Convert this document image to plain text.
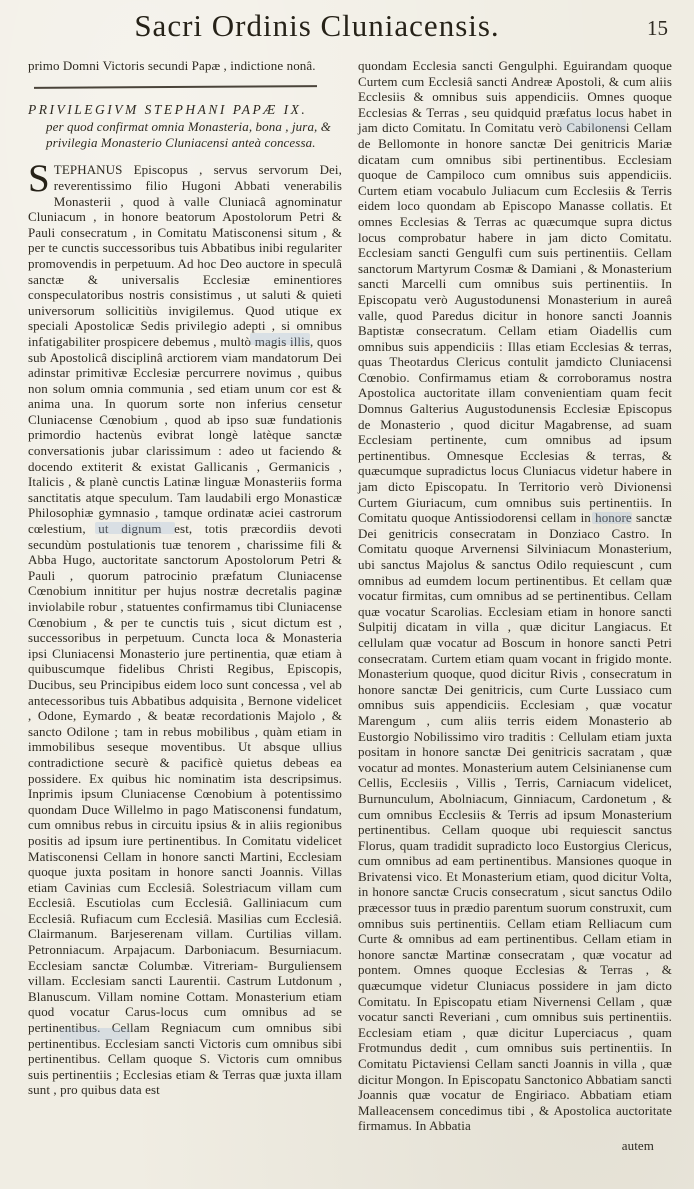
Sacri Ordinis Cluniacensis.	15

primo Domni Victoris secundi Papæ , indictione nonâ.

PRIVILEGIVM STEPHANI PAPÆ IX.

per quod confirmat omnia Monasteria, bona , jura, & privilegia Monasterio Cluniacensi anteà concessa.

STEPHANUS Episcopus , servus servorum Dei, reverentissimo filio Hugoni Abbati venerabilis Monasterii , quod à valle Cluniacâ agnominatur Cluniacum , in honore beatorum Apostolorum Petri & Pauli consecratum , in Comitatu Matisconensi situm , & per te cunctis successoribus tuis Abbatibus inibi regulariter promovendis in perpetuum. Ad hoc Deo auctore in speculâ sanctæ & universalis Ecclesiæ eminentiores conspeculatoribus nostris consistimus , ut saluti & quieti universorum sollicitiùs invigilemus. Quod utique ex speciali Apostolicæ Sedis privilegio adepti , si omnibus infatigabiliter prospicere debemus , multò magis illis, quos sub Apostolicâ disciplinâ arctiorem viam mandatorum Dei adinstar primitivæ Ecclesiæ percurrere novimus , quibus non solum omnia communia , sed etiam unum cor est & anima una. In quorum sorte non inferius censetur Cluniacense Cœnobium , quod ab ipso suæ fundationis primordio hactenùs evibrat longè latèque sanctæ conversationis jubar clarissimum : adeo ut faciendo & docendo extiterit & existat Gallicanis , Germanicis , Italicis , & planè cunctis Latinæ linguæ Monasteriis forma sanctitatis atque speculum. Tam laudabili ergo Monasticæ Philosophiæ gymnasio , tamque ordinatæ aciei castrorum cœlestium, ut dignum est, totis præcordiis devoti secundùm postulationis tuæ tenorem , charissime fili & Abba Hugo, auctoritate sanctorum Apostolorum Petri & Pauli , quorum patrocinio præfatum Cluniacense Cœnobium innititur per hujus nostræ decretalis paginæ inviolabile robur , statuentes confirmamus tibi Cluniacense Cœnobium , & per te cunctis tuis , sicut dictum est , successoribus in perpetuum. Cuncta loca & Monasteria ipsi Cluniacensi Monasterio jure pertinentia, quæ etiam à quibuscumque fidelibus Christi Regibus, Episcopis, Ducibus, seu Principibus eidem loco sunt concessa , vel ab antecessoribus tuis Abbatibus adquisita , Bernone videlicet , Odone, Eymardo , & beatæ recordationis Majolo , & sancto Odilone ; tam in rebus mobilibus , quàm etiam in immobilibus seseque moventibus. Ut absque ullius contradictione securè & pacificè quietus debeas ea possidere. Ex quibus hic nominatim ista descripsimus. Inprimis ipsum Cluniacense Cœnobium à potentissimo quondam Duce Willelmo in pago Matisconensi fundatum, cum omnibus rebus in circuitu ipsius & in aliis regionibus positis ad ipsum iure pertinentibus. In Comitatu videlicet Matisconensi Cellam in honore sancti Martini, Ecclesiam quoque juxta positam in honore sancti Joannis. Villas etiam Cavinias cum Ecclesiâ. Solestriacum villam cum Ecclesiâ. Escutiolas cum Ecclesiâ. Galliniacum cum Ecclesiâ. Rufiacum cum Ecclesiâ. Masilias cum Ecclesiâ. Clairmanum. Barjeserenam villam. Curtilias villam. Petronniacum. Arpajacum. Darboniacum. Besurniacum. Ecclesiam sanctæ Columbæ. Vitreriam- Burguliensem villam. Ecclesiam sancti Laurentii. Castrum Lutdonum , Blanuscum. Villam nomine Cottam. Monasterium etiam quod vocatur Carus-locus cum omnibus ad se pertinentibus. Cellam Regniacum cum omnibus sibi pertinentibus. Ecclesiam sancti Victoris cum omnibus sibi pertinentibus. Cellam quoque S. Victoris cum omnibus suis pertinentiis ; Ecclesias etiam & Terras quæ juxta illam sunt , pro quibus data est

quondam Ecclesia sancti Gengulphi. Eguirandam quoque Curtem cum Ecclesiâ sancti Andreæ Apostoli, & cum aliis Ecclesiis & omnibus suis appendiciis. Omnes quoque Ecclesias & Terras , seu quidquid præfatus locus habet in jam dicto Comitatu. In Comitatu verò Cabilonensi Cellam de Bellomonte in honore sanctæ Dei genitricis Mariæ dicatam cum omnibus sibi pertinentibus. Ecclesiam quoque de Campiloco cum omnibus suis appendiciis. Curtem etiam vocabulo Juliacum cum Ecclesiis & Terris eidem loco quondam ab Episcopo Manasse collatis. Et omnes Ecclesias & Terras ac quæcumque supra dictus locus comprobatur habere in jam dicto Comitatu. Ecclesiam sancti Gengulfi cum suis pertinentiis. Cellam sanctorum Martyrum Cosmæ & Damiani , & Monasterium sancti Marcelli cum omnibus suis pertinentiis. In Episcopatu verò Augustodunensi Monasterium in aureâ valle, quod Paredus dicitur in honore sancti Joannis Baptistæ consecratum. Cellam etiam Oiadellis cum omnibus suis appendiciis : Illas etiam Ecclesias & terras, quas Theotardus Clericus contulit jamdicto Cluniacensi Cœnobio. Confirmamus etiam & corroboramus nostra Apostolica auctoritate illam convenientiam quam fecit Domnus Galterius Augustodunensis Ecclesiæ Episcopus de Monasterio , quod dicitur Magabrense, ad suam Ecclesiam pertinente, cum omnibus ad ipsum pertinentibus. Omnesque Ecclesias & terras, & quæcumque supradictus locus Cluniacus videtur habere in jam dicto Episcopatu. In Territorio verò Divionensi Curtem Giuriacum, cum omnibus suis pertinentiis. In Comitatu quoque Antissiodorensi cellam in honore sanctæ Dei genitricis consecratam in Donziaco Castro. In Comitatu quoque Arvernensi Silviniacum Monasterium, ubi sanctus Majolus & sanctus Odilo requiescunt , cum omnibus ad eumdem locum pertinentibus. Et cellam quæ vocatur firmitas, cum omnibus ad se pertinentibus. Cellam quæ vocatur Scarolias. Ecclesiam etiam in honore sancti Sulpitij dicatam in villa , quæ dicitur Langiacus. Et cellulam quæ vocatur ad Boscum in honore sancti Petri consecratam. Curtem etiam quam vocant in frigido monte. Monasterium quoque, quod dicitur Rivis , consecratum in honore sanctæ Dei genitricis, cum Curte Lussiaco cum omnibus suis appendiciis. Ecclesiam , quæ vocatur Marengum , cum aliis terris eidem Monasterio ab Eustorgio Nobilissimo viro traditis : Cellulam etiam juxta positam in honore sanctæ Dei genitricis sacratam , quæ vocatur ad montes. Monasterium autem Celsinianense cum Cellis, Ecclesiis , Villis , Terris, Carniacum videlicet, Burnunculum, Abolniacum, Ginniacum, Cardonetum , & cum omnibus Ecclesiis & Terris ad ipsum Monasterium pertinentibus. Cellam quoque ubi requiescit sanctus Florus, quam tradidit supradicto loco Eustorgius Clericus, cum omnibus ad eam pertinentibus. Mansiones quoque in Brivatensi vico. Et Monasterium etiam, quod dicitur Volta, in honore sanctæ Crucis consecratum , sicut sanctus Odilo præcessor tuus in prædio parentum suorum construxit, cum omnibus suis pertinentiis. Cellam etiam Relliacum cum Curte & omnibus ad eam pertinentibus. Cellam etiam in honore sanctæ Martinæ consecratam , quæ vocatur ad pontem. Omnes quoque Ecclesias & Terras , & quæcumque videtur Cluniacus possidere in jam dicto Comitatu. In Episcopatu etiam Nivernensi Cellam , quæ vocatur sancti Reveriani , cum omnibus suis pertinentiis. Ecclesiam etiam , quæ dicitur Luperciacus , quam Frotmundus dedit , cum omnibus suis pertinentiis. In Comitatu Pictaviensi Cellam sancti Joannis in villa , quæ dicitur Mongon. In Episcopatu Sanctonico Abbatiam sancti Joannis quæ vocatur de Engiriaco. Abbatiam etiam Malleacensem concedimus tibi , & Apostolica auctoritate firmamus. In Abbatia

autem
